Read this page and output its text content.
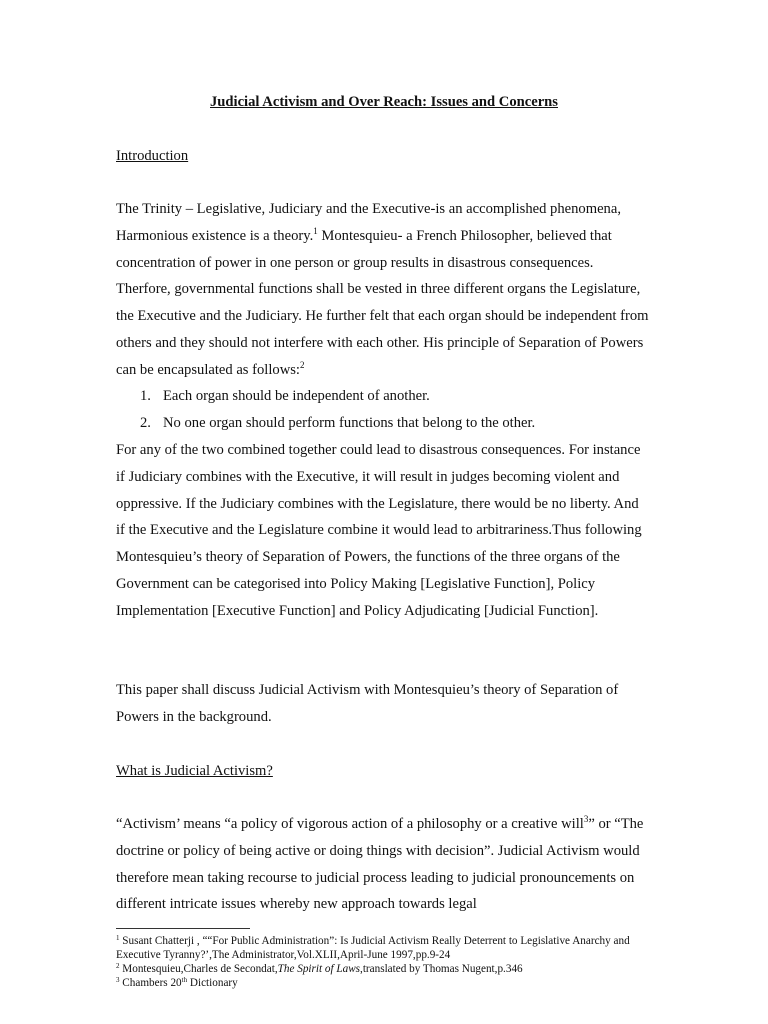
Judicial Activism and Over Reach: Issues and Concerns
Introduction

The Trinity – Legislative, Judiciary and the Executive-is an accomplished phenomena, Harmonious existence is a theory.$^1$ Montesquieu- a French Philosopher, believed that concentration of power in one person or group results in disastrous consequences. Therfore, governmental functions shall be vested in three different organs the Legislature, the Executive and the Judiciary. He further felt that each organ should be independent from others and they should not interfere with each other. His principle of Separation of Powers can be encapsulated as follows:$^2$

1. Each organ should be independent of another.
2. No one organ should perform functions that belong to the other.

For any of the two combined together could lead to disastrous consequences. For instance if Judiciary combines with the Executive, it will result in judges becoming violent and oppressive. If the Judiciary combines with the Legislature, there would be no liberty. And if the Executive and the Legislature combine it would lead to arbitrariness.Thus following Montesquieu’s theory of Separation of Powers, the functions of the three organs of the Government can be categorised into Policy Making [Legislative Function], Policy Implementation [Executive Function] and Policy Adjudicating [Judicial Function].

This paper shall discuss Judicial Activism with Montesquieu’s theory of Separation of Powers in the background.

What is Judicial Activism?

“Activism’ means “a policy of vigorous action of a philosophy or a creative will$^3$” or “The doctrine or policy of being active or doing things with decision”. Judicial Activism would therefore mean taking recourse to judicial process leading to judicial pronouncements on different intricate issues whereby new approach towards legal

$^1$ Susant Chatterji , ““For Public Administration”: Is Judicial Activism Really Deterrent to Legislative Anarchy and Executive Tyranny?’,The Administrator,Vol.XLII,April-June 1997,pp.9-24

$^2$ Montesquieu,Charles de Secondat,The Spirit of Laws,translated by Thomas Nugent,p.346

$^3$ Chambers 20th Dictionary
